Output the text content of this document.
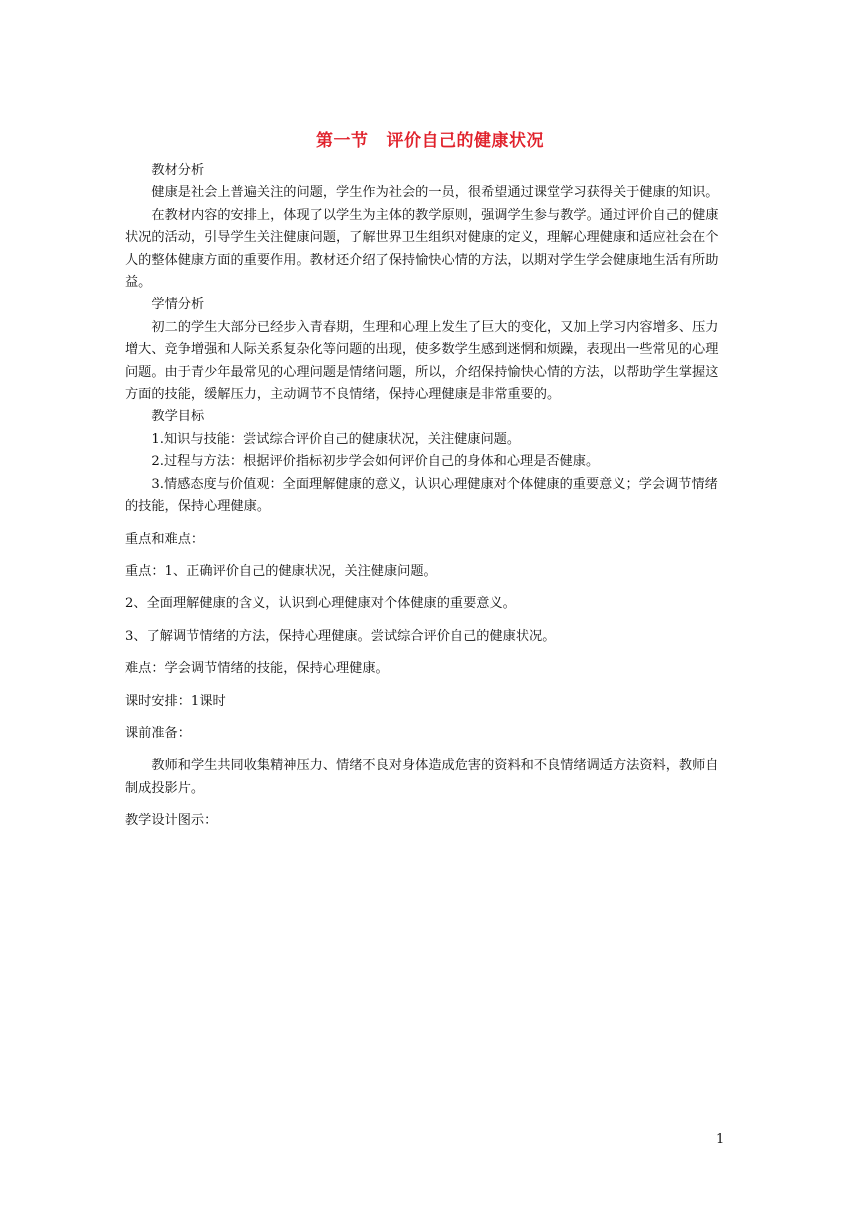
第一节 评价自己的健康状况

教材分析

健康是社会上普遍关注的问题，学生作为社会的一员，很希望通过课堂学习获得关于健康的知识。

在教材内容的安排上，体现了以学生为主体的教学原则，强调学生参与教学。通过评价自己的健康状况的活动，引导学生关注健康问题，了解世界卫生组织对健康的定义，理解心理健康和适应社会在个人的整体健康方面的重要作用。教材还介绍了保持愉快心情的方法，以期对学生学会健康地生活有所助益。

学情分析

初二的学生大部分已经步入青春期，生理和心理上发生了巨大的变化，又加上学习内容增多、压力增大、竞争增强和人际关系复杂化等问题的出现，使多数学生感到迷惘和烦躁，表现出一些常见的心理问题。由于青少年最常见的心理问题是情绪问题，所以，介绍保持愉快心情的方法，以帮助学生掌握这方面的技能，缓解压力，主动调节不良情绪，保持心理健康是非常重要的。

教学目标

1.知识与技能：尝试综合评价自己的健康状况，关注健康问题。

2.过程与方法：根据评价指标初步学会如何评价自己的身体和心理是否健康。

3.情感态度与价值观：全面理解健康的意义，认识心理健康对个体健康的重要意义；学会调节情绪的技能，保持心理健康。

重点和难点：

重点：1、正确评价自己的健康状况，关注健康问题。

2、全面理解健康的含义，认识到心理健康对个体健康的重要意义。

3、了解调节情绪的方法，保持心理健康。尝试综合评价自己的健康状况。

难点：学会调节情绪的技能，保持心理健康。

课时安排：1课时

课前准备：

教师和学生共同收集精神压力、情绪不良对身体造成危害的资料和不良情绪调适方法资料，教师自制成投影片。

教学设计图示：

1
